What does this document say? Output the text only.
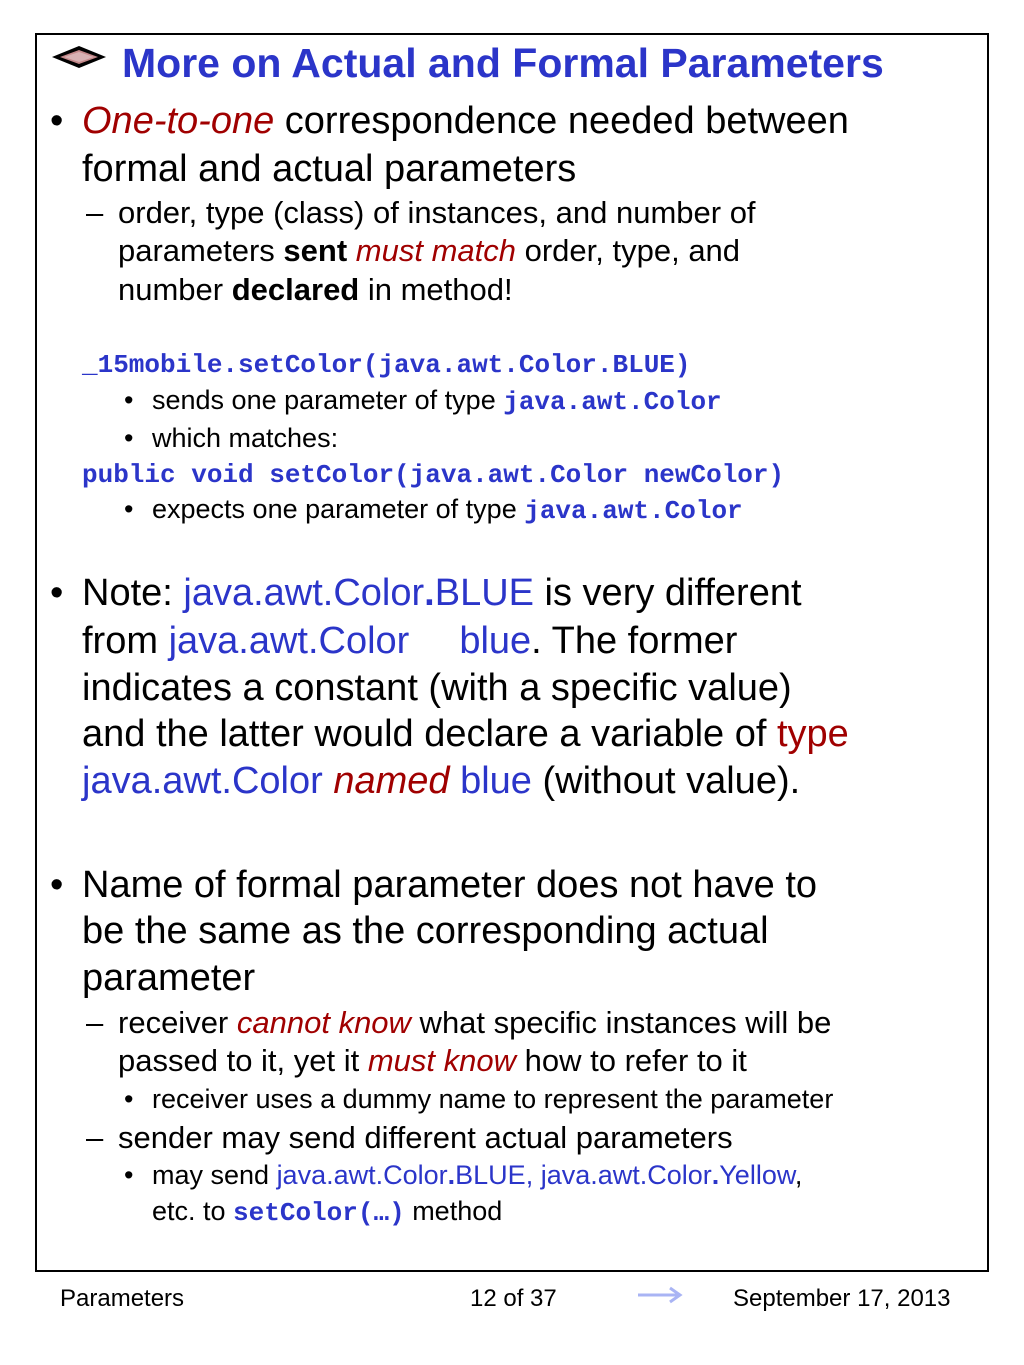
More on Actual and Formal Parameters
• One-to-one correspondence needed between
formal and actual parameters
– order, type (class) of instances, and number of
parameters sent must match order, type, and
number declared in method!
_15mobile.setColor(java.awt.Color.BLUE)
• sends one parameter of type java.awt.Color
• which matches:
public void setColor(java.awt.Color newColor)
• expects one parameter of type java.awt.Color
• Note: java.awt.Color.BLUE is very different
from java.awt.Color blue. The former
indicates a constant (with a specific value)
and the latter would declare a variable of type
java.awt.Color named blue (without value).
• Name of formal parameter does not have to
be the same as the corresponding actual
parameter
– receiver cannot know what specific instances will be
passed to it, yet it must know how to refer to it
• receiver uses a dummy name to represent the parameter
– sender may send different actual parameters
• may send java.awt.Color.BLUE, java.awt.Color.Yellow,
etc. to setColor(…) method
Parameters	12 of 37	September 17, 2013
